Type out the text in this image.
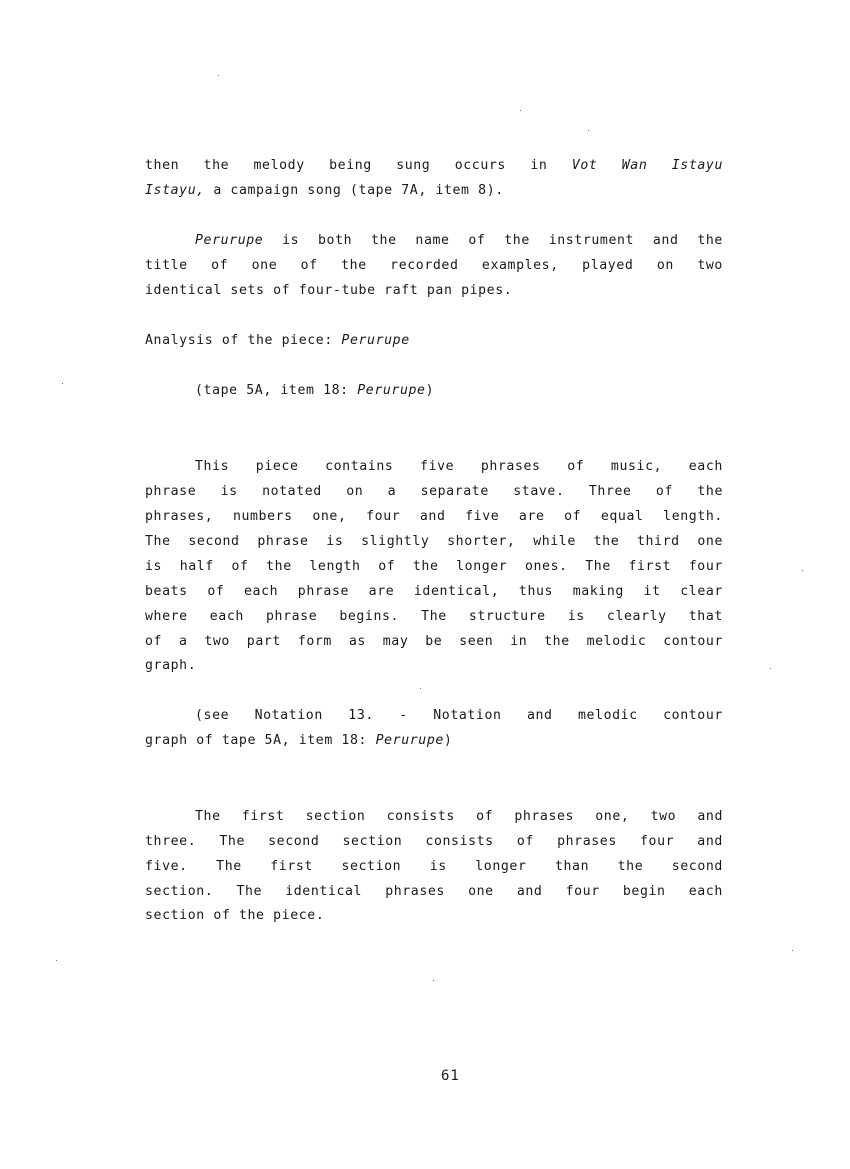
then the melody being sung occurs in Vot Wan Istayu
Istayu, a campaign song (tape 7A, item 8).
Perurupe is both the name of the instrument and the
title of one of the recorded examples, played on two
identical sets of four-tube raft pan pipes.
Analysis of the piece: Perurupe
(tape 5A, item 18: Perurupe)
This piece contains five phrases of music, each
phrase is notated on a separate stave. Three of the
phrases, numbers one, four and five are of equal length.
The second phrase is slightly shorter, while the third one
is half of the length of the longer ones. The first four
beats of each phrase are identical, thus making it clear
where each phrase begins. The structure is clearly that
of a two part form as may be seen in the melodic contour
graph.
(see Notation 13. - Notation and melodic contour
graph of tape 5A, item 18: Perurupe)
The first section consists of phrases one, two and
three. The second section consists of phrases four and
five. The first section is longer than the second
section. The identical phrases one and four begin each
section of the piece.
61
